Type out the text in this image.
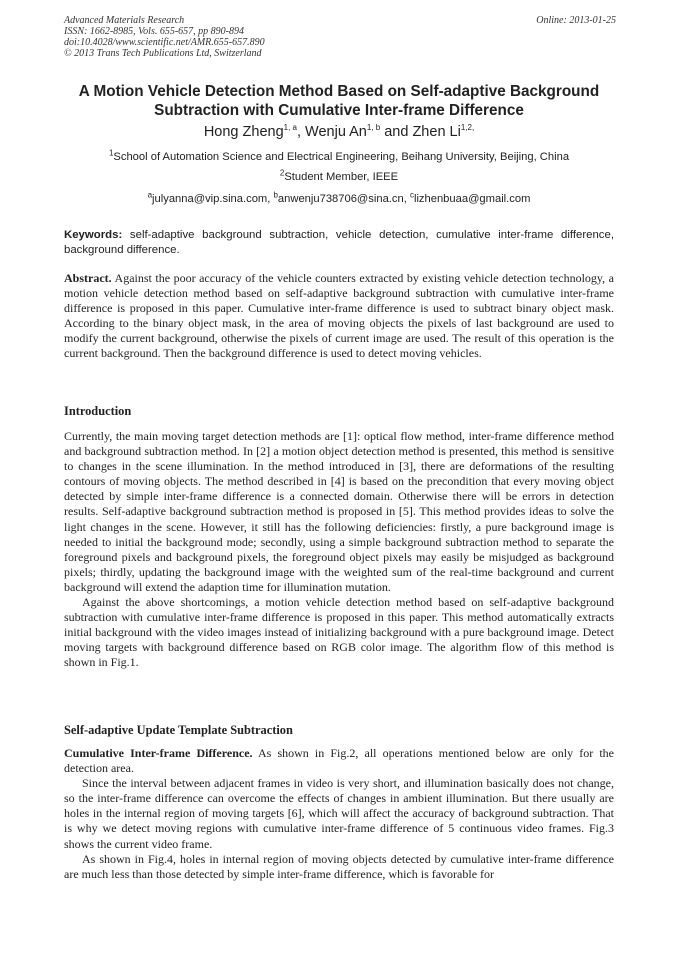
Advanced Materials Research
ISSN: 1662-8985, Vols. 655-657, pp 890-894
doi:10.4028/www.scientific.net/AMR.655-657.890
© 2013 Trans Tech Publications Ltd, Switzerland
Online: 2013-01-25
A Motion Vehicle Detection Method Based on Self-adaptive Background
Subtraction with Cumulative Inter-frame Difference
Hong Zheng$^{1, a}$, Wenju An$^{1, b}$ and Zhen $Li^{1,2,}$
$^1$School of Automation Science and Electrical Engineering, Beihang University, Beijing, China
$^2$Student Member, IEEE
$^a$julyanna@vip.sina.com, $^b$anwenju738706@sina.cn, $^c$lizhenbuaa@gmail.com
Keywords: self-adaptive background subtraction, vehicle detection, cumulative inter-frame difference, background difference.

Abstract. Against the poor accuracy of the vehicle counters extracted by existing vehicle detection technology, a motion vehicle detection method based on self-adaptive background subtraction with cumulative inter-frame difference is proposed in this paper. Cumulative inter-frame difference is used to subtract binary object mask. According to the binary object mask, in the area of moving objects the pixels of last background are used to modify the current background, otherwise the pixels of current image are used. The result of this operation is the current background. Then the background difference is used to detect moving vehicles.

Introduction

Currently, the main moving target detection methods are [1]: optical flow method, inter-frame difference method and background subtraction method. In [2] a motion object detection method is presented, this method is sensitive to changes in the scene illumination. In the method introduced in [3], there are deformations of the resulting contours of moving objects. The method described in [4] is based on the precondition that every moving object detected by simple inter-frame difference is a connected domain. Otherwise there will be errors in detection results. Self-adaptive background subtraction method is proposed in [5]. This method provides ideas to solve the light changes in the scene. However, it still has the following deficiencies: firstly, a pure background image is needed to initial the background mode; secondly, using a simple background subtraction method to separate the foreground pixels and background pixels, the foreground object pixels may easily be misjudged as background pixels; thirdly, updating the background image with the weighted sum of the real-time background and current background will extend the adaption time for illumination mutation.

Against the above shortcomings, a motion vehicle detection method based on self-adaptive background subtraction with cumulative inter-frame difference is proposed in this paper. This method automatically extracts initial background with the video images instead of initializing background with a pure background image. Detect moving targets with background difference based on RGB color image. The algorithm flow of this method is shown in Fig.1.

Self-adaptive Update Template Subtraction

Cumulative Inter-frame Difference. As shown in Fig.2, all operations mentioned below are only for the detection area.

Since the interval between adjacent frames in video is very short, and illumination basically does not change, so the inter-frame difference can overcome the effects of changes in ambient illumination. But there usually are holes in the internal region of moving targets [6], which will affect the accuracy of background subtraction. That is why we detect moving regions with cumulative inter-frame difference of 5 continuous video frames. Fig.3 shows the current video frame.

As shown in Fig.4, holes in internal region of moving objects detected by cumulative inter-frame difference are much less than those detected by simple inter-frame difference, which is favorable for
